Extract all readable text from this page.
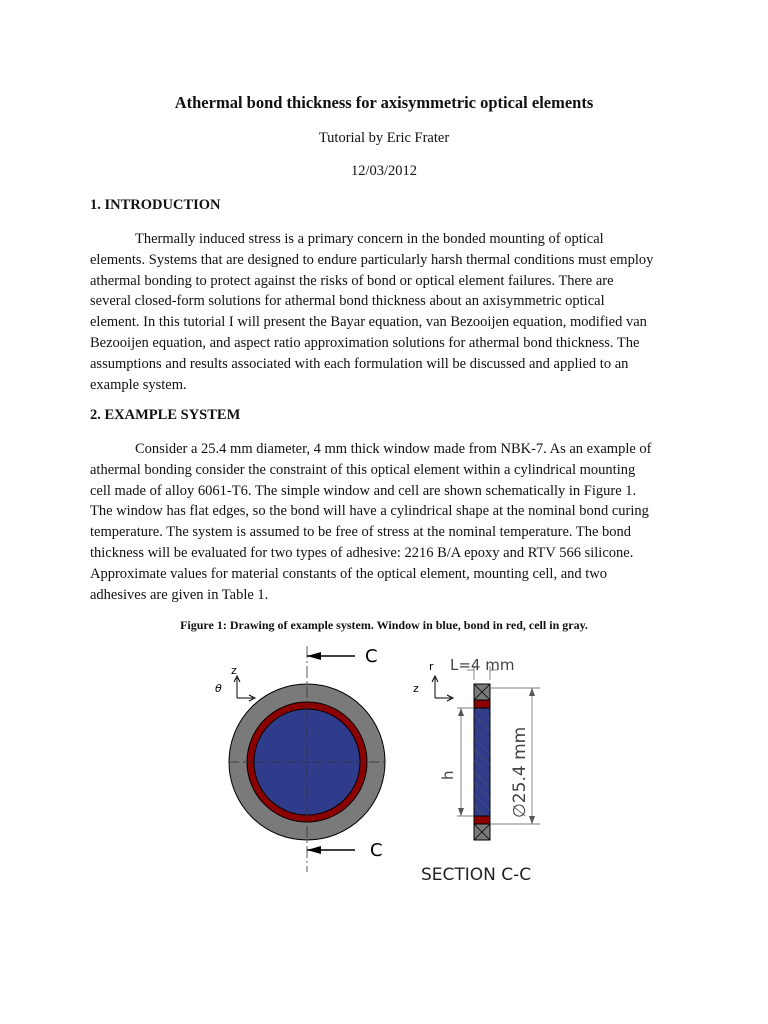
Athermal bond thickness for axisymmetric optical elements
Tutorial by Eric Frater
12/03/2012
1. INTRODUCTION
Thermally induced stress is a primary concern in the bonded mounting of optical
elements. Systems that are designed to endure particularly harsh thermal conditions must employ
athermal bonding to protect against the risks of bond or optical element failures. There are
several closed-form solutions for athermal bond thickness about an axisymmetric optical
element. In this tutorial I will present the Bayar equation, van Bezooijen equation, modified van
Bezooijen equation, and aspect ratio approximation solutions for athermal bond thickness. The
assumptions and results associated with each formulation will be discussed and applied to an
example system.
2. EXAMPLE SYSTEM
Consider a 25.4 mm diameter, 4 mm thick window made from NBK-7. As an example of
athermal bonding consider the constraint of this optical element within a cylindrical mounting
cell made of alloy 6061-T6. The simple window and cell are shown schematically in Figure 1.
The window has flat edges, so the bond will have a cylindrical shape at the nominal bond curing
temperature. The system is assumed to be free of stress at the nominal temperature. The bond
thickness will be evaluated for two types of adhesive: 2216 B/A epoxy and RTV 566 silicone.
Approximate values for material constants of the optical element, mounting cell, and two
adhesives are given in Table 1.
Figure 1: Drawing of example system. Window in blue, bond in red, cell in gray.
z
θ
C
C
r
z
L=4 mm
∅25.4 mm
h
SECTION C-C
